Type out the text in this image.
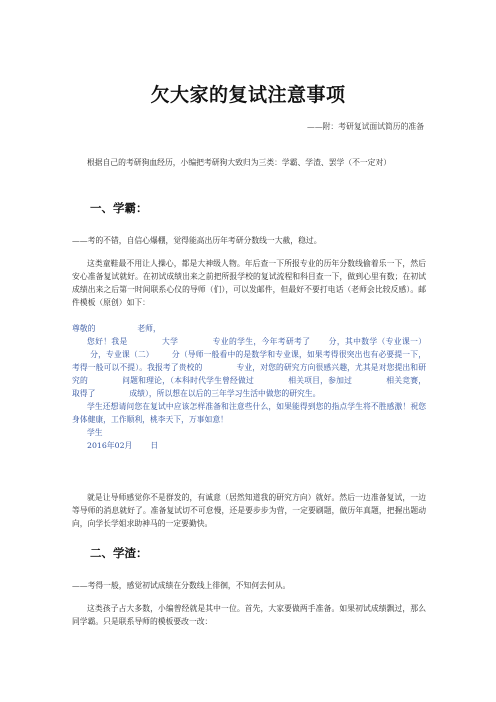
欠大家的复试注意事项
——附：考研复试面试简历的准备
根据自己的考研狗血经历，小编把考研狗大致归为三类：学霸、学渣、罢学（不一定对）
一、学霸：
——考的不错，自信心爆棚，觉得能高出历年考研分数线一大截，稳过。
这类童鞋最不用让人操心，都是大神级人物。年后查一下所报专业的历年分数线偷着乐一下，然后安心准备复试就好。在初试成绩出来之前把所报学校的复试流程和科目查一下，做到心里有数；在初试成绩出来之后第一时间联系心仪的导师（们），可以发邮件，但最好不要打电话（老师会比较反感）。邮件模板（原创）如下：
尊敬的	老师，
您好！我是	大学	专业的学生，今年考研考了 分，其中数学（专业课一）分，专业课（二） 分（导师一般看中的是数学和专业课，如果考得很突出也有必要提一下，考得一般可以不提）。我报考了贵校的	专业，对您的研究方向很感兴趣，尤其是对您提出和研究的	问题和理论，（本科时代学生曾经做过	相关项目，参加过	相关竞赛，取得了	成绩），所以想在以后的三年学习生活中做您的研究生。
学生还想请问您在复试中应该怎样准备和注意些什么，如果能得到您的指点学生将不胜感激！祝您身体健康，工作顺利，桃李天下，万事如意！
学生
2016年02月 日
就是让导师感觉你不是群发的，有诚意（居然知道我的研究方向）就好。然后一边准备复试，一边等导师的消息就好了。准备复试切不可怠慢，还是要步步为营，一定要刷题，做历年真题，把握出题动向，向学长学姐求助神马的一定要勤快。
二、学渣：
——考得一般，感觉初试成绩在分数线上徘徊，不知何去何从。
这类孩子占大多数，小编曾经就是其中一位。首先，大家要做两手准备。如果初试成绩飘过，那么同学霸。只是联系导师的模板要改一改：
